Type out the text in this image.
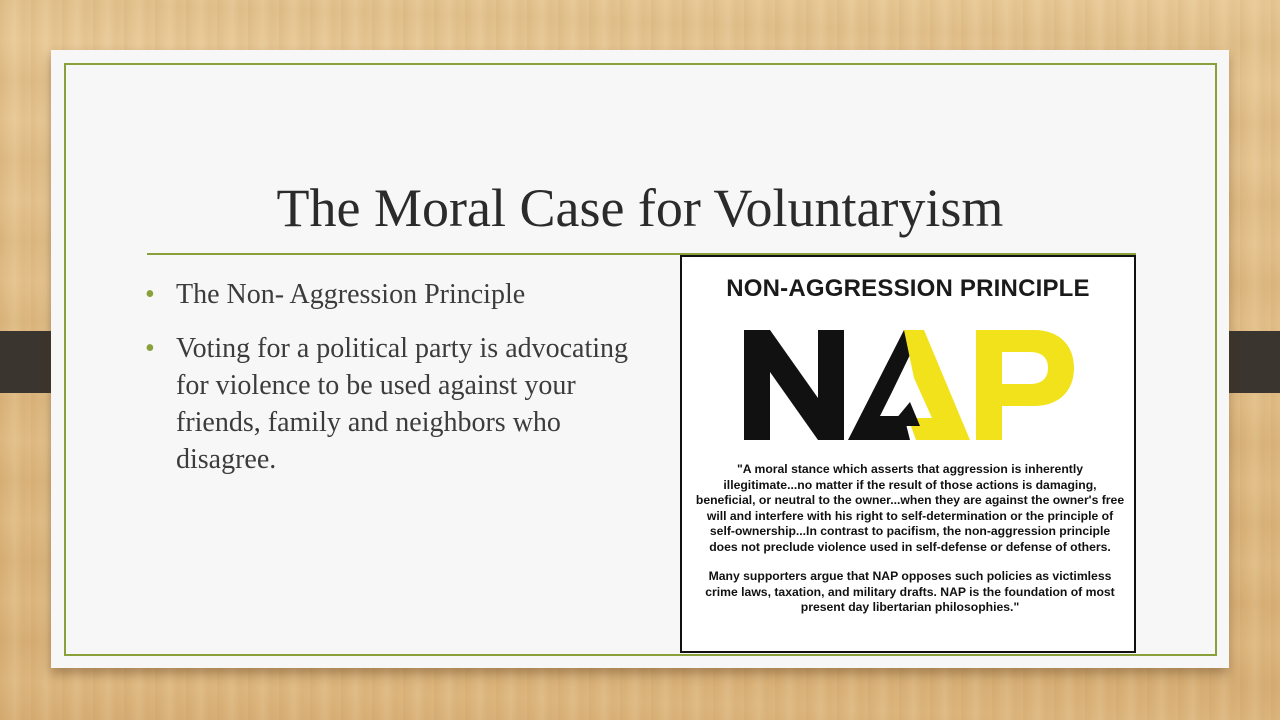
The Moral Case for Voluntaryism
• The Non- Aggression Principle
• Voting for a political party is advocating for violence to be used against your friends, family and neighbors who disagree.
NON-AGGRESSION PRINCIPLE

"A moral stance which asserts that aggression is inherently illegitimate...no matter if the result of those actions is damaging, beneficial, or neutral to the owner...when they are against the owner's free will and interfere with his right to self-determination or the principle of self-ownership...In contrast to pacifism, the non-aggression principle does not preclude violence used in self-defense or defense of others.

Many supporters argue that NAP opposes such policies as victimless crime laws, taxation, and military drafts. NAP is the foundation of most present day libertarian philosophies."
